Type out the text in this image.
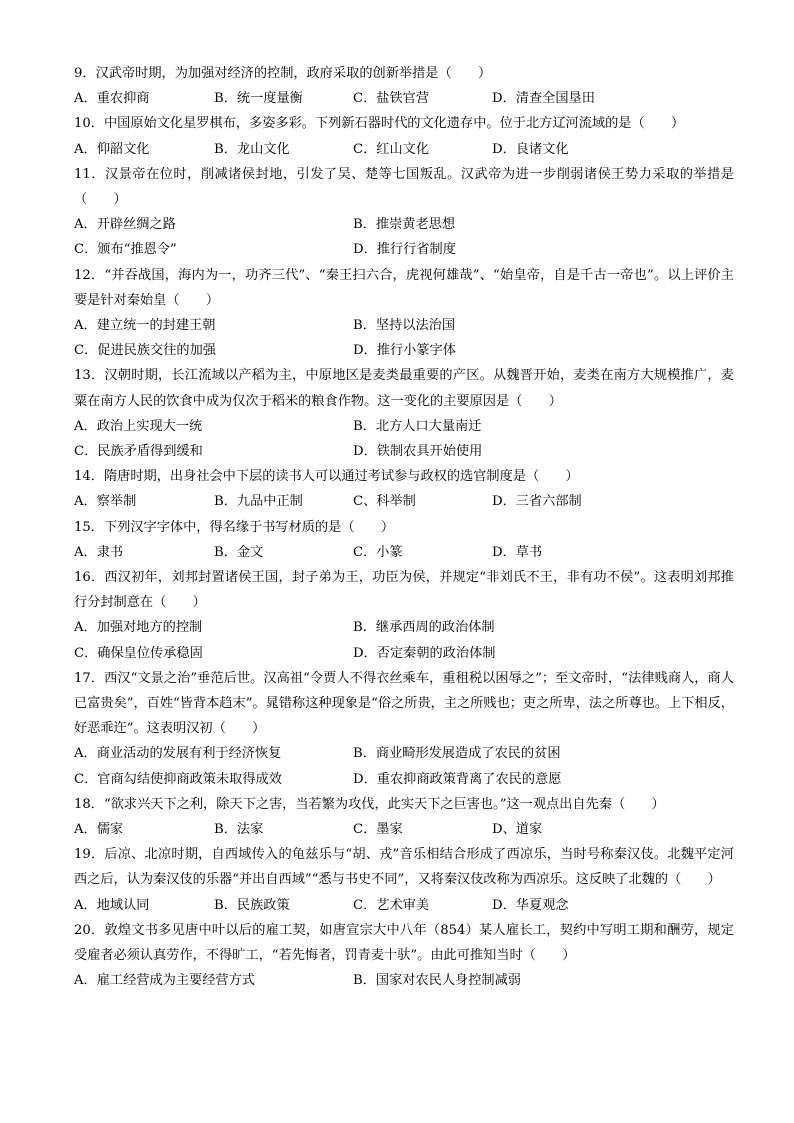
9．汉武帝时期，为加强对经济的控制，政府采取的创新举措是（　　）
A．重农抑商	B．统一度量衡	C．盐铁官营	D．清查全国垦田
10．中国原始文化星罗棋布，多姿多彩。下列新石器时代的文化遗存中。位于北方辽河流域的是（　　）
A．仰韶文化	B．龙山文化	C．红山文化	D．良诸文化
11．汉景帝在位时，削减诸侯封地，引发了吴、楚等七国叛乱。汉武帝为进一步削弱诸侯王势力采取的举措是（　　）
A．开辟丝绸之路	B．推崇黄老思想
C．颁布“推恩令”	D．推行行省制度
12．“并吞战国，海内为一，功齐三代”、“秦王扫六合，虎视何雄哉”、“始皇帝，自是千古一帝也”。以上评价主要是针对秦始皇（　　）
A．建立统一的封建王朝	B．坚持以法治国
C．促进民族交往的加强	D．推行小篆字体
13．汉朝时期，长江流域以产稻为主，中原地区是麦类最重要的产区。从魏晋开始，麦类在南方大规模推广，麦粟在南方人民的饮食中成为仅次于稻米的粮食作物。这一变化的主要原因是（　　）
A．政治上实现大一统	B．北方人口大量南迁
C．民族矛盾得到缓和	D．铁制农具开始使用
14．隋唐时期，出身社会中下层的读书人可以通过考试参与政权的选官制度是（　　）
A．察举制	B．九品中正制	C、科举制	D．三省六部制
15．下列汉字字体中，得名缘于书写材质的是（　　）
A．隶书	B．金文	C．小篆	D．草书
16．西汉初年，刘邦封置诸侯王国，封子弟为王，功臣为侯，并规定“非刘氏不王，非有功不侯”。这表明刘邦推行分封制意在（　　）
A．加强对地方的控制	B．继承西周的政治体制
C．确保皇位传承稳固	D．否定秦朝的政治体制
17．西汉“文景之治”垂范后世。汉高祖“令贾人不得衣丝乘车，重租税以困辱之”；至文帝时，“法律贱商人，商人已富贵矣”，百姓“皆背本趋末”。晁错称这种现象是“俗之所贵，主之所贱也；吏之所卑，法之所尊也。上下相反，好恶乖迕”。这表明汉初（　　）
A．商业活动的发展有利于经济恢复	B．商业畸形发展造成了农民的贫困
C．官商勾结使抑商政策未取得成效	D．重农抑商政策背离了农民的意愿
18．“欲求兴天下之利，除天下之害，当若繁为攻伐，此实天下之巨害也。”这一观点出自先秦（　　）
A．儒家	B．法家	C．墨家	D、道家
19．后凉、北凉时期，自西域传入的龟兹乐与“胡、戎”音乐相结合形成了西凉乐，当时号称秦汉伎。北魏平定河西之后，认为秦汉伎的乐器“并出自西域”“悉与书史不同”，又将秦汉伎改称为西凉乐。这反映了北魏的（　　）
A．地域认同	B．民族政策	C．艺术审美	D．华夏观念
20．敦煌文书多见唐中叶以后的雇工契，如唐宣宗大中八年（854）某人雇长工，契约中写明工期和酬劳，规定受雇者必须认真劳作，不得旷工，“若先悔者，罚青麦十驮”。由此可推知当时（　　）
A．雇工经营成为主要经营方式	B．国家对农民人身控制减弱
